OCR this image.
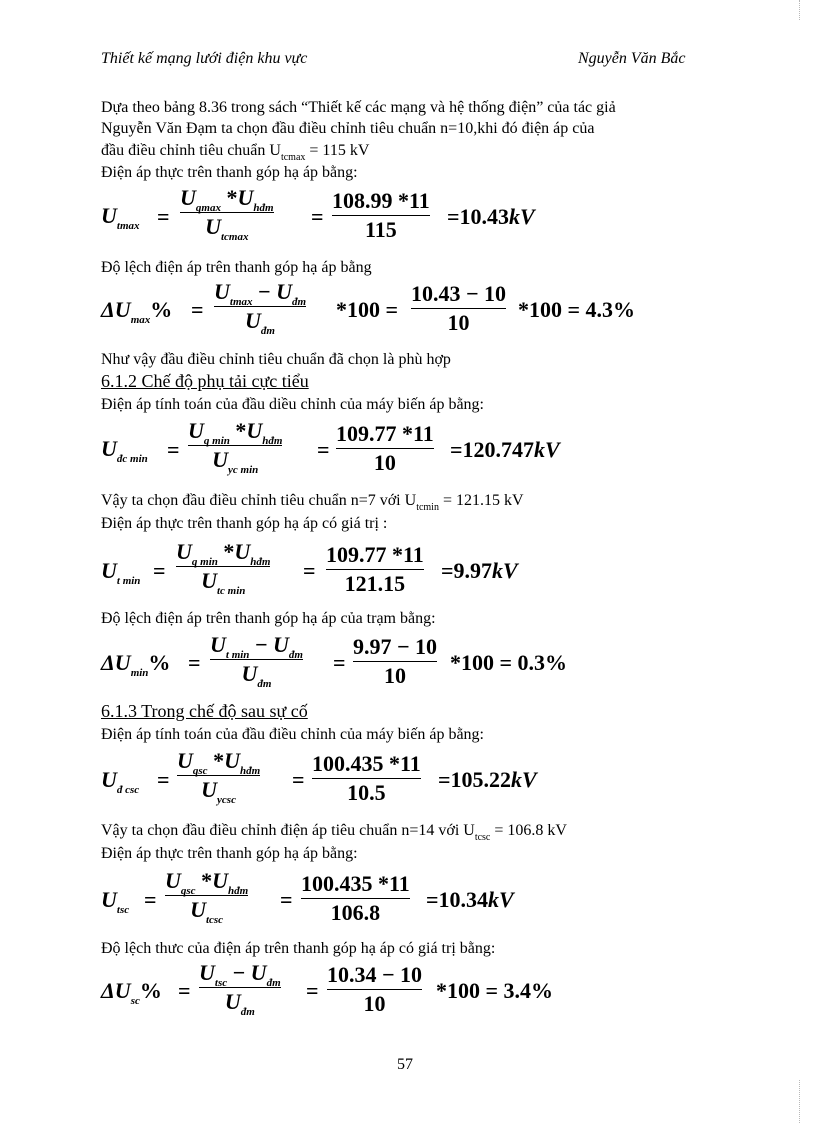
Thiết kế mạng lưới điện khu vực	Nguyễn Văn Bắc
Dựa theo bảng 8.36 trong sách “Thiết kế các mạng và hệ thống điện” của tác giả
Nguyễn Văn Đạm ta chọn đầu điều chỉnh tiêu chuẩn n=10,khi đó điện áp của
đầu điều chỉnh tiêu chuẩn $U_{tcmax} = 115$ kV
Điện áp thực trên thanh góp hạ áp bằng:
$U_{tmax}$ =
$U_{qmax}$ $*U_{hđm}$
$U_{tcmax}$
=
108.99 *11
115
=10.43kV
Độ lệch điện áp trên thanh góp hạ áp bằng
$\Delta U_{max}\%$ =
$U_{tmax} - U_{đm}$
$U_{đm}$
*100 =
10.43 − 10
10
*100 = 4.3%
Như vậy đầu điều chỉnh tiêu chuẩn đã chọn là phù hợp
6.1.2 Chế độ phụ tải cực tiểu
Điện áp tính toán của đầu diều chỉnh của máy biến áp bằng:
$U_{đc min}$ =
$U_{q min}$ $*U_{hđm}$
$U_{yc min}$
=
109.77 *11
10
=120.747kV
Vậy ta chọn đầu điều chỉnh tiêu chuẩn n=7 với $U_{tcmin} = 121.15$ kV
Điện áp thực trên thanh góp hạ áp có giá trị :
$U_{t min}$ =
$U_{q min}$ $*U_{hđm}$
$U_{tc min}$
=
109.77 *11
121.15
=9.97kV
Độ lệch điện áp trên thanh góp hạ áp của trạm bằng:
$\Delta U_{min}\%$ =
$U_{t min} - U_{đm}$
$U_{đm}$
=
9.97 − 10
10
*100 = 0.3%
6.1.3 Trong chế độ sau sự cố
Điện áp tính toán của đầu điều chỉnh của máy biến áp bằng:
$U_{đ csc}$ =
$U_{qsc}$ $*U_{hđm}$
$U_{ycsc}$
=
100.435 *11
10.5
=105.22kV
Vậy ta chọn đầu điều chỉnh điện áp tiêu chuẩn n=14 với $U_{tcsc} = 106.8$ kV
Điện áp thực trên thanh góp hạ áp bằng:
$U_{tsc}$ =
$U_{qsc}$ $*U_{hđm}$
$U_{tcsc}$
=
100.435 *11
106.8
=10.34kV
Độ lệch thưc của điện áp trên thanh góp hạ áp có giá trị bằng:
$\Delta U_{sc}\%$ =
$U_{tsc} - U_{đm}$
$U_{đm}$
=
10.34 − 10
10
*100 = 3.4%
57
